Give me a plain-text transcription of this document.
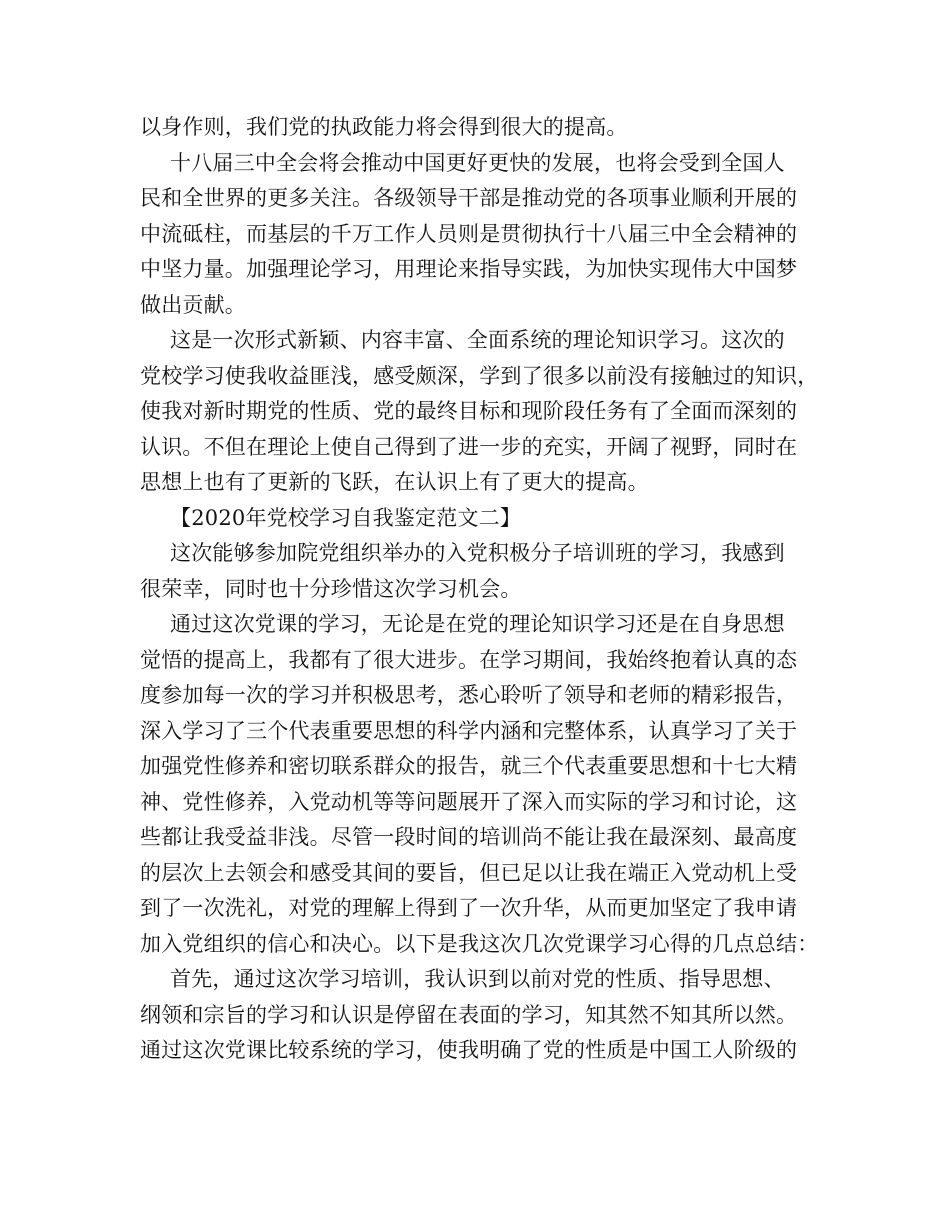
以身作则，我们党的执政能力将会得到很大的提高。
十八届三中全会将会推动中国更好更快的发展，也将会受到全国人
民和全世界的更多关注。各级领导干部是推动党的各项事业顺利开展的
中流砥柱，而基层的千万工作人员则是贯彻执行十八届三中全会精神的
中坚力量。加强理论学习，用理论来指导实践，为加快实现伟大中国梦
做出贡献。
这是一次形式新颖、内容丰富、全面系统的理论知识学习。这次的
党校学习使我收益匪浅，感受颇深，学到了很多以前没有接触过的知识，
使我对新时期党的性质、党的最终目标和现阶段任务有了全面而深刻的
认识。不但在理论上使自己得到了进一步的充实，开阔了视野，同时在
思想上也有了更新的飞跃，在认识上有了更大的提高。
【2020年党校学习自我鉴定范文二】
这次能够参加院党组织举办的入党积极分子培训班的学习，我感到
很荣幸，同时也十分珍惜这次学习机会。
通过这次党课的学习，无论是在党的理论知识学习还是在自身思想
觉悟的提高上，我都有了很大进步。在学习期间，我始终抱着认真的态
度参加每一次的学习并积极思考，悉心聆听了领导和老师的精彩报告，
深入学习了三个代表重要思想的科学内涵和完整体系，认真学习了关于
加强党性修养和密切联系群众的报告，就三个代表重要思想和十七大精
神、党性修养，入党动机等等问题展开了深入而实际的学习和讨论，这
些都让我受益非浅。尽管一段时间的培训尚不能让我在最深刻、最高度
的层次上去领会和感受其间的要旨，但已足以让我在端正入党动机上受
到了一次洗礼，对党的理解上得到了一次升华，从而更加坚定了我申请
加入党组织的信心和决心。以下是我这次几次党课学习心得的几点总结：
首先，通过这次学习培训，我认识到以前对党的性质、指导思想、
纲领和宗旨的学习和认识是停留在表面的学习，知其然不知其所以然。
通过这次党课比较系统的学习，使我明确了党的性质是中国工人阶级的
